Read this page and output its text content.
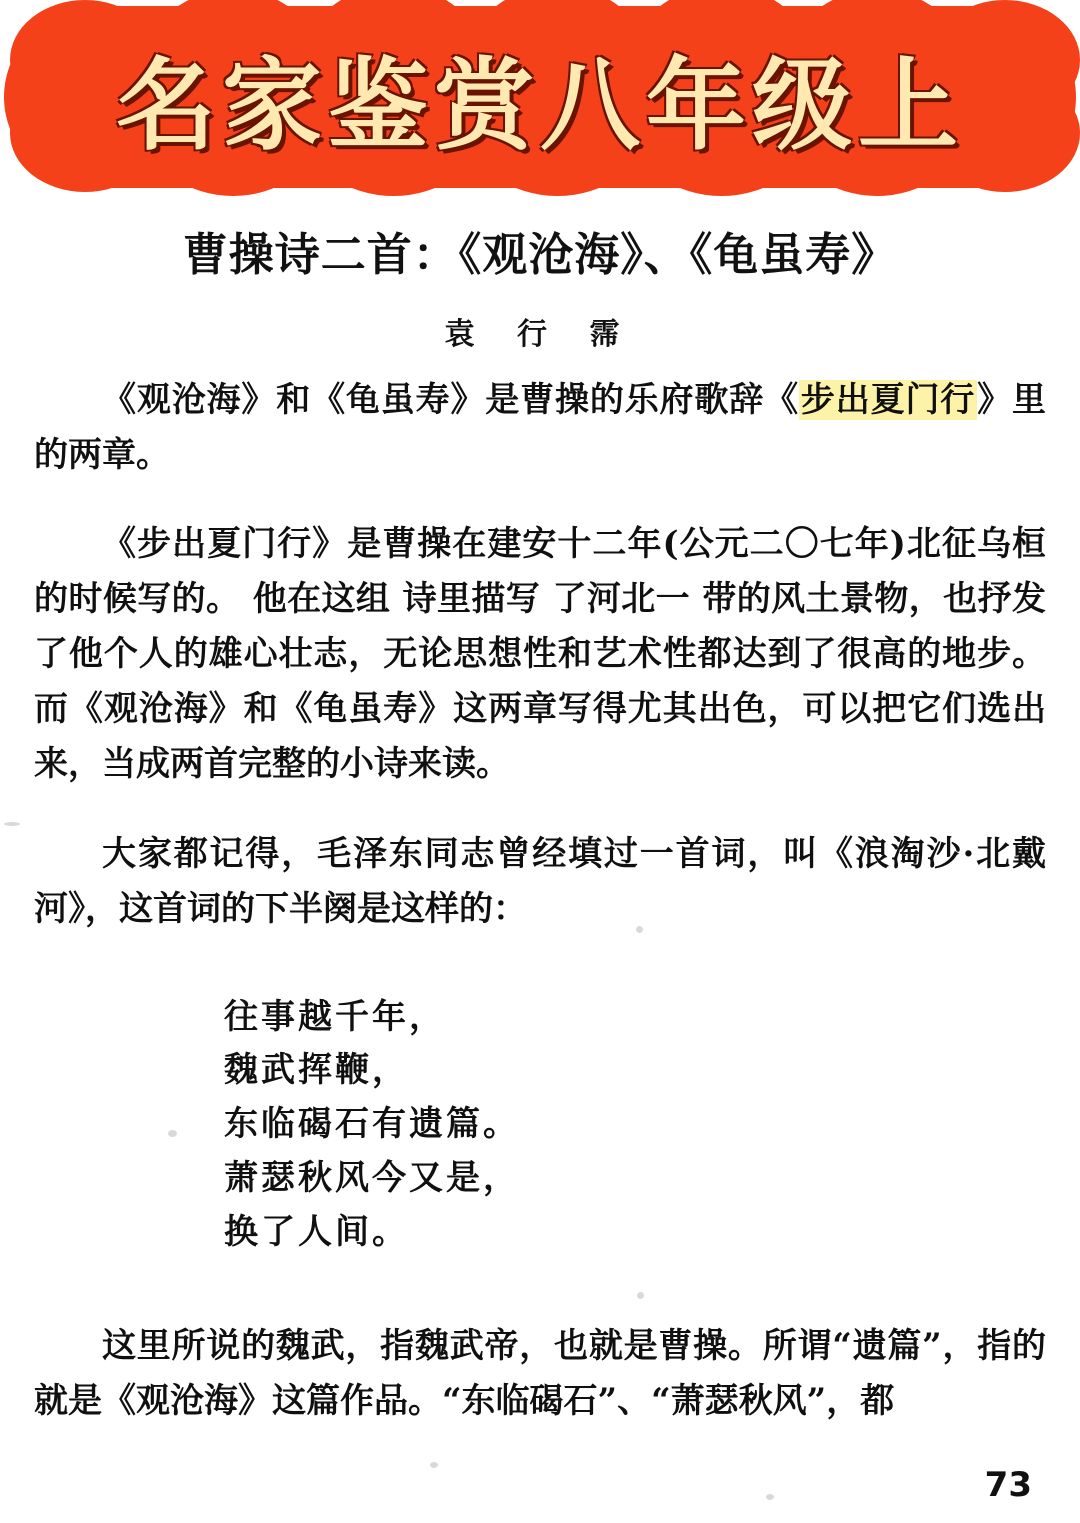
名家鉴赏八年级上
曹操诗二首：《观沧海》、《龟虽寿》
袁 行 霈

《观沧海》和《龟虽寿》是曹操的乐府歌辞《步出夏门行》里的两章。

《步出夏门行》是曹操在建安十二年(公元二〇七年)北征乌桓的时候写的。 他在这组 诗里描写 了河北一 带的风土景物，也抒发了他个人的雄心壮志，无论思想性和艺术性都达到了很高的地步。而《观沧海》和《龟虽寿》这两章写得尤其出色，可以把它们选出来，当成两首完整的小诗来读。

大家都记得，毛泽东同志曾经填过一首词，叫《浪淘沙·北戴河》，这首词的下半阕是这样的：

往事越千年，
魏武挥鞭，
东临碣石有遗篇。
萧瑟秋风今又是，
换了人间。

这里所说的魏武，指魏武帝，也就是曹操。所谓“遗篇”，指的就是《观沧海》这篇作品。“东临碣石”、“萧瑟秋风”，都

73
